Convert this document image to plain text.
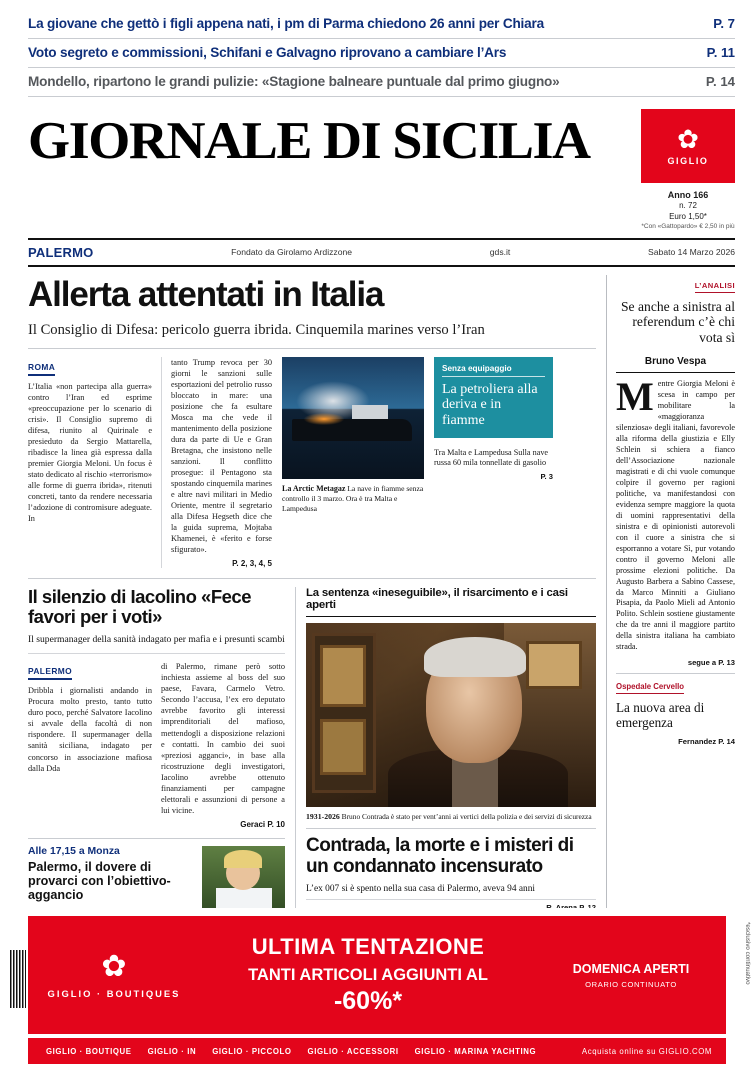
La giovane che gettò i figli appena nati, i pm di Parma chiedono 26 anni per Chiara	P. 7
Voto segreto e commissioni, Schifani e Galvagno riprovano a cambiare l’Ars	P. 11
Mondello, ripartono le grandi pulizie: «Stagione balneare puntuale dal primo giugno»	P. 14
GIORNALE DI SICILIA	✿
GIGLIO
Anno 166
n. 72
Euro 1,50*
*Con «Gattopardo» € 2,50 in più
PALERMO	Fondato da Girolamo Ardizzone	gds.it	Sabato 14 Marzo 2026
Allerta attentati in Italia
Il Consiglio di Difesa: pericolo guerra ibrida. Cinquemila marines verso l’Iran
ROMA
L’Italia «non partecipa alla guerra» contro l’Iran ed esprime «preoccupazione per lo scenario di crisi». Il Consiglio supremo di difesa, riunito al Quirinale e presieduto da Sergio Mattarella, ribadisce la linea già espressa dalla premier Giorgia Meloni. Un focus è stato dedicato al rischio «terrorismo» alle forme di guerra ibrida», ritenuti concreti, tanto da rendere necessaria l’adozione di contromisure adeguate. In
tanto Trump revoca per 30 giorni le sanzioni sulle esportazioni del petrolio russo bloccato in mare: una posizione che fa esultare Mosca ma che vede il mantenimento della posizione dura da parte di Ue e Gran Bretagna, che insistono nelle sanzioni. Il conflitto prosegue: il Pentagono sta spostando cinquemila marines e altre navi militari in Medio Oriente, mentre il segretario alla Difesa Hegseth dice che la guida suprema, Mojtaba Khamenei, è «ferito e forse sfigurato».
P. 2, 3, 4, 5
La Arctic Metagaz La nave in fiamme senza controllo il 3 marzo. Ora è tra Malta e Lampedusa
Senza equipaggio
La petroliera alla deriva e in fiamme
Tra Malta e Lampedusa Sulla nave russa 60 mila tonnellate di gasolio
P. 3
Il silenzio di Iacolino «Fece favori per i voti»
Il supermanager della sanità indagato per mafia e i presunti scambi
PALERMO
Dribbla i giornalisti andando in Procura molto presto, tanto tutto duro poco, perché Salvatore Iacolino si avvale della facoltà di non rispondere. Il supermanager della sanità siciliana, indagato per concorso in associazione mafiosa dalla Dda
di Palermo, rimane però sotto inchiesta assieme al boss del suo paese, Favara, Carmelo Vetro. Secondo l’accusa, l’ex ero deputato avrebbe favorito gli interessi imprenditoriali del mafioso, mettendogli a disposizione relazioni e contatti. In cambio dei suoi «preziosi agganci», in base alla ricostruzione degli investigatori, Iacolino avrebbe ottenuto finanziamenti per campagne elettorali e assunzioni di persone a lui vicine.
Geraci P. 10
Alle 17,15 a Monza
Palermo, il dovere di provarci con l’obiettivo-aggancio
La sentenza «ineseguibile», il risarcimento e i casi aperti
1931-2026 Bruno Contrada è stato per vent’anni ai vertici della polizia e dei servizi di sicurezza
Contrada, la morte e i misteri di un condannato incensurato
L’ex 007 si è spento nella sua casa di Palermo, aveva 94 anni
L’ANALISI
Se anche a sinistra al referendum c’è chi vota sì
Bruno Vespa
M entre Giorgia Meloni è scesa in campo per mobilitare la «maggioranza silenziosa» degli italiani, favorevole alla riforma della giustizia e Elly Schlein si schiera a fianco dell’Associazione nazionale magistrati e di chi vuole comunque colpire il governo per ragioni politiche, va manifestandosi con evidenza sempre maggiore la quota di uomini rappresentativi della sinistra e di opinionisti autorevoli con il cuore a sinistra che si esporranno a votare Sì, pur votando contro il governo Meloni alle prossime elezioni politiche. Da Augusto Barbera a Sabino Cassese, da Marco Minniti a Giuliano Pisapia, da Paolo Mieli ad Antonio Polito. Schlein sostiene giustamente che da tre anni il maggiore partito della sinistra italiana ha cambiato strada.
segue a P. 13
Ospedale Cervello
La nuova area di emergenza
Fernandez P. 14
✿
GIGLIO · BOUTIQUES
ULTIMA TENTAZIONE
TANTI ARTICOLI AGGIUNTI AL
-60%*
DOMENICA APERTI
ORARIO CONTINUATO
GIGLIO · BOUTIQUE GIGLIO · IN GIGLIO · PICCOLO GIGLIO · ACCESSORI GIGLIO · MARINA YACHTING	Acquista online su GIGLIO.COM
*esclusivo continuativo
